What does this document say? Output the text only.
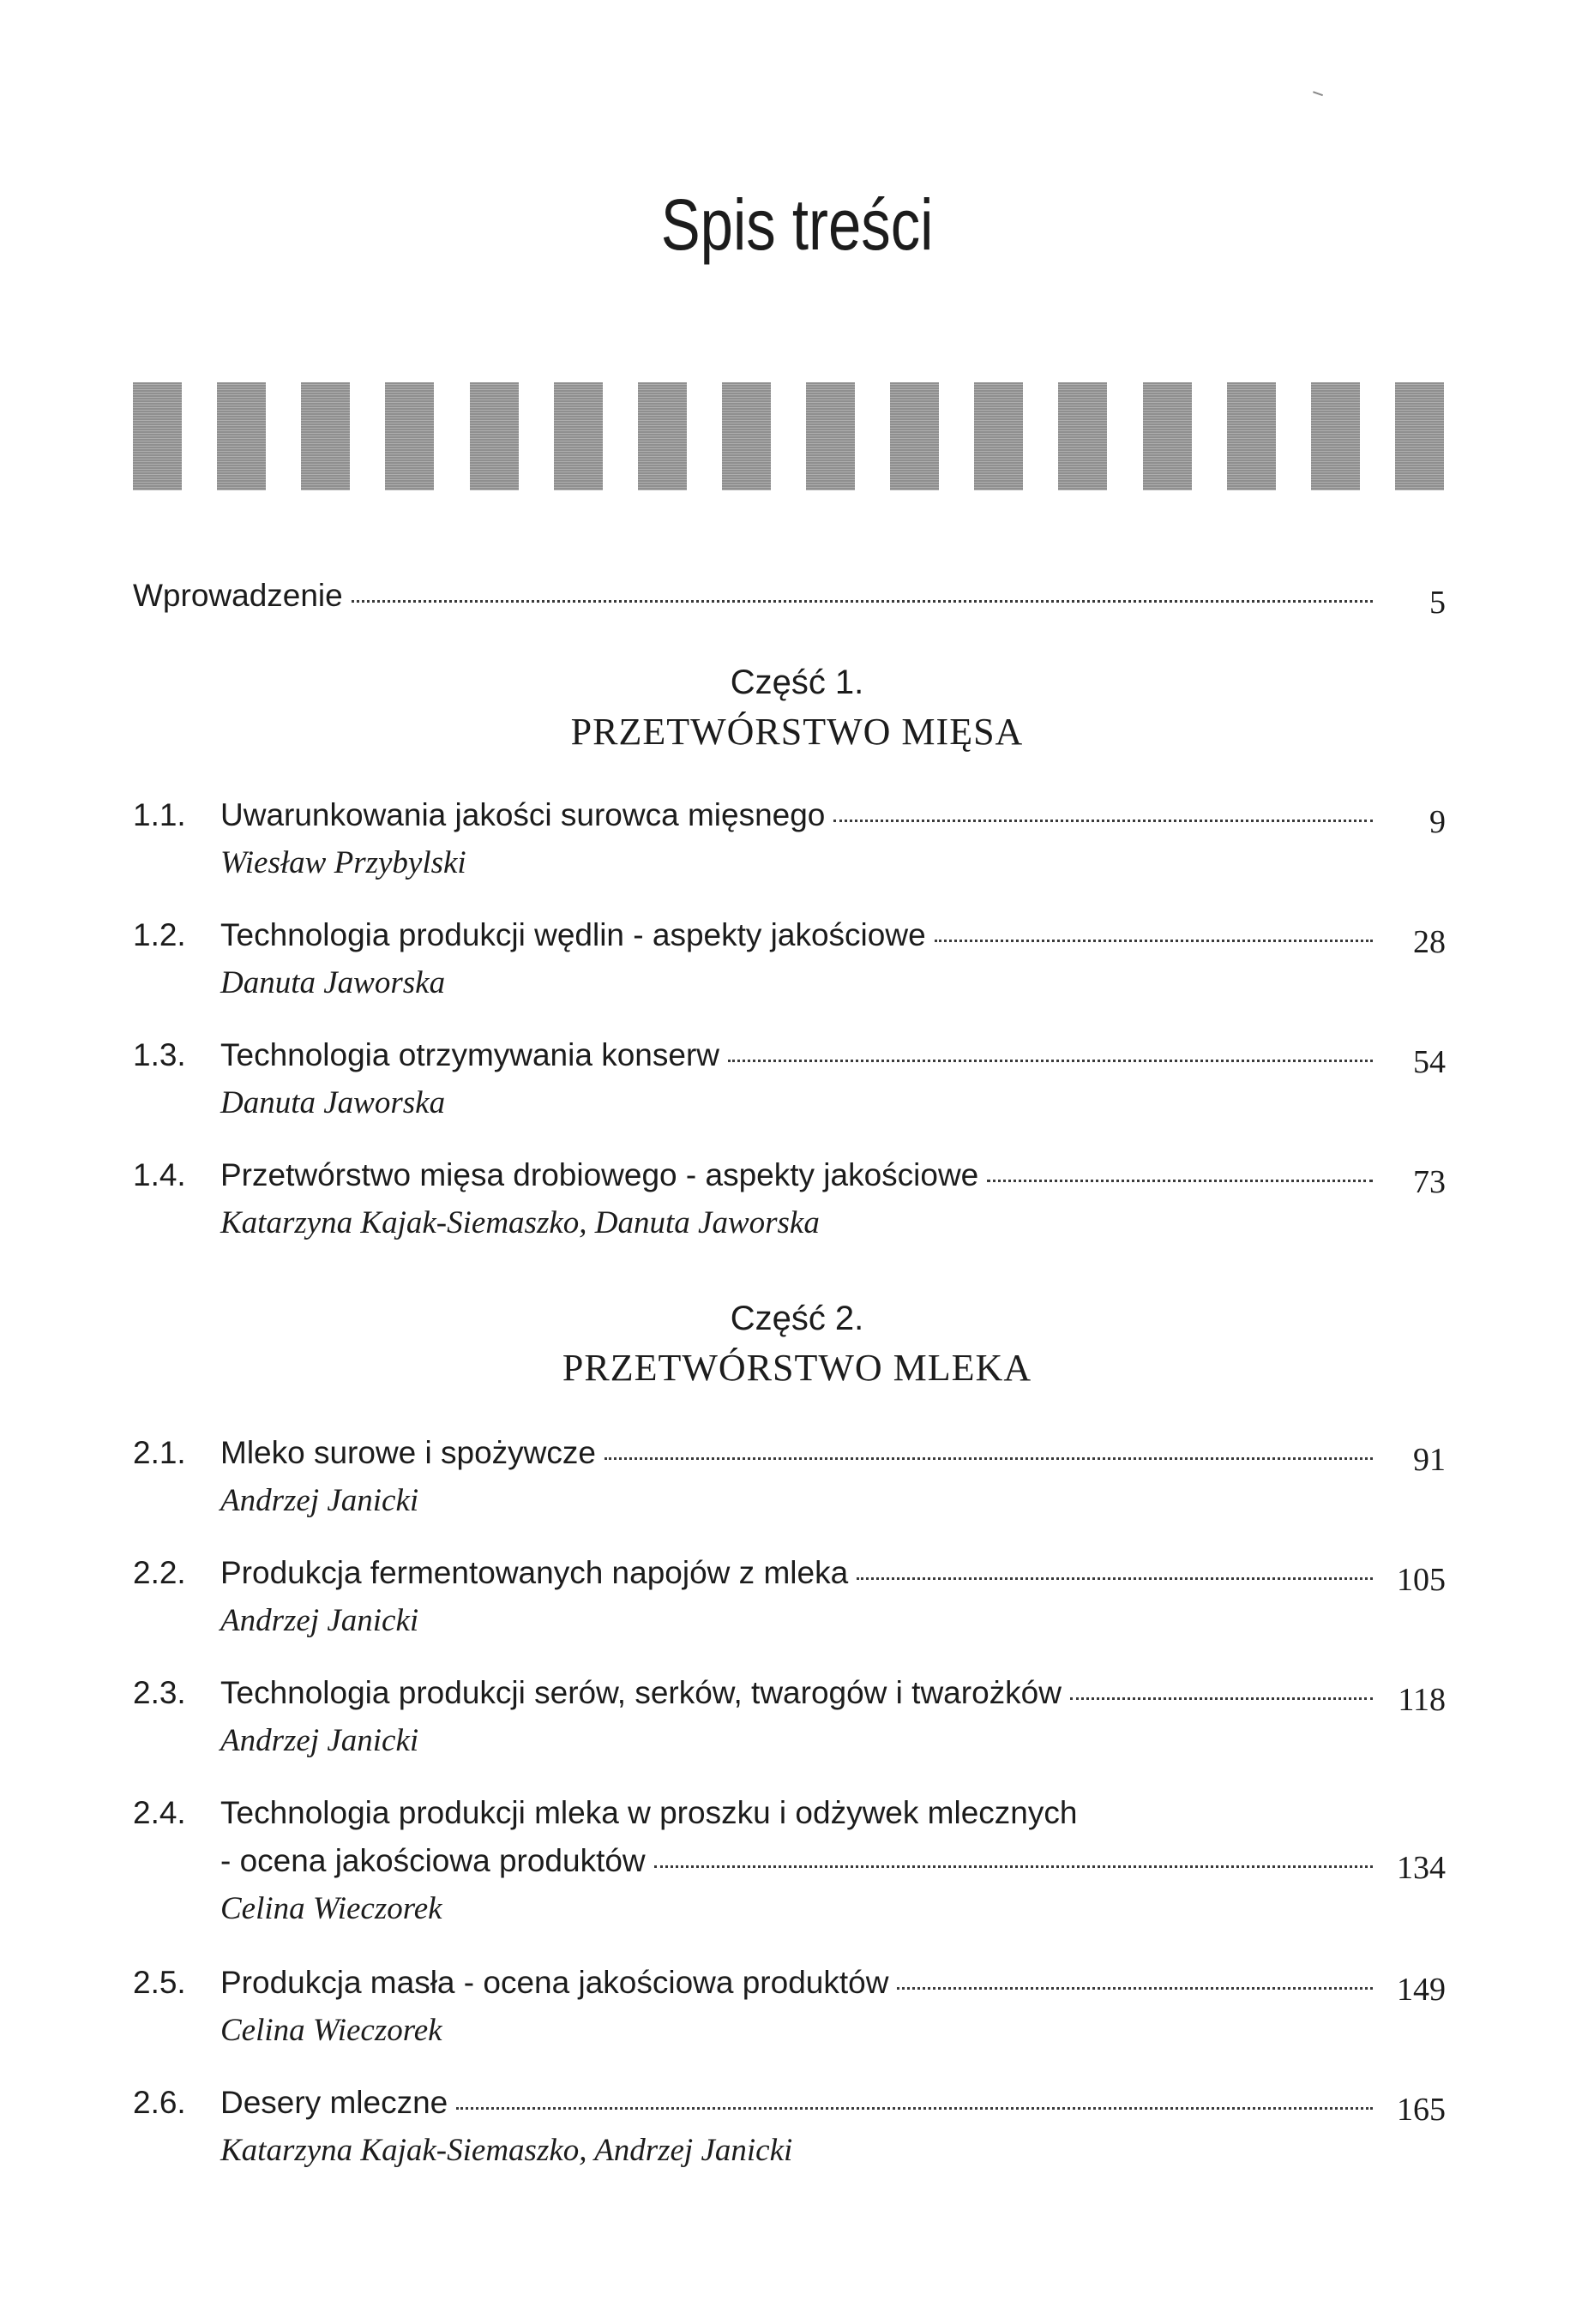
Spis treści
Wprowadzenie	5
Część 1.
PRZETWÓRSTWO MIĘSA
1.1. Uwarunkowania jakości surowca mięsnego	9
Wiesław Przybylski
1.2. Technologia produkcji wędlin - aspekty jakościowe	28
Danuta Jaworska
1.3. Technologia otrzymywania konserw	54
Danuta Jaworska
1.4. Przetwórstwo mięsa drobiowego - aspekty jakościowe	73
Katarzyna Kajak-Siemaszko, Danuta Jaworska
Część 2.
PRZETWÓRSTWO MLEKA
2.1. Mleko surowe i spożywcze	91
Andrzej Janicki
2.2. Produkcja fermentowanych napojów z mleka	105
Andrzej Janicki
2.3. Technologia produkcji serów, serków, twarogów i twarożków	118
Andrzej Janicki
2.4. Technologia produkcji mleka w proszku i odżywek mlecznych
- ocena jakościowa produktów	134
Celina Wieczorek
2.5. Produkcja masła - ocena jakościowa produktów	149
Celina Wieczorek
2.6. Desery mleczne	165
Katarzyna Kajak-Siemaszko, Andrzej Janicki
